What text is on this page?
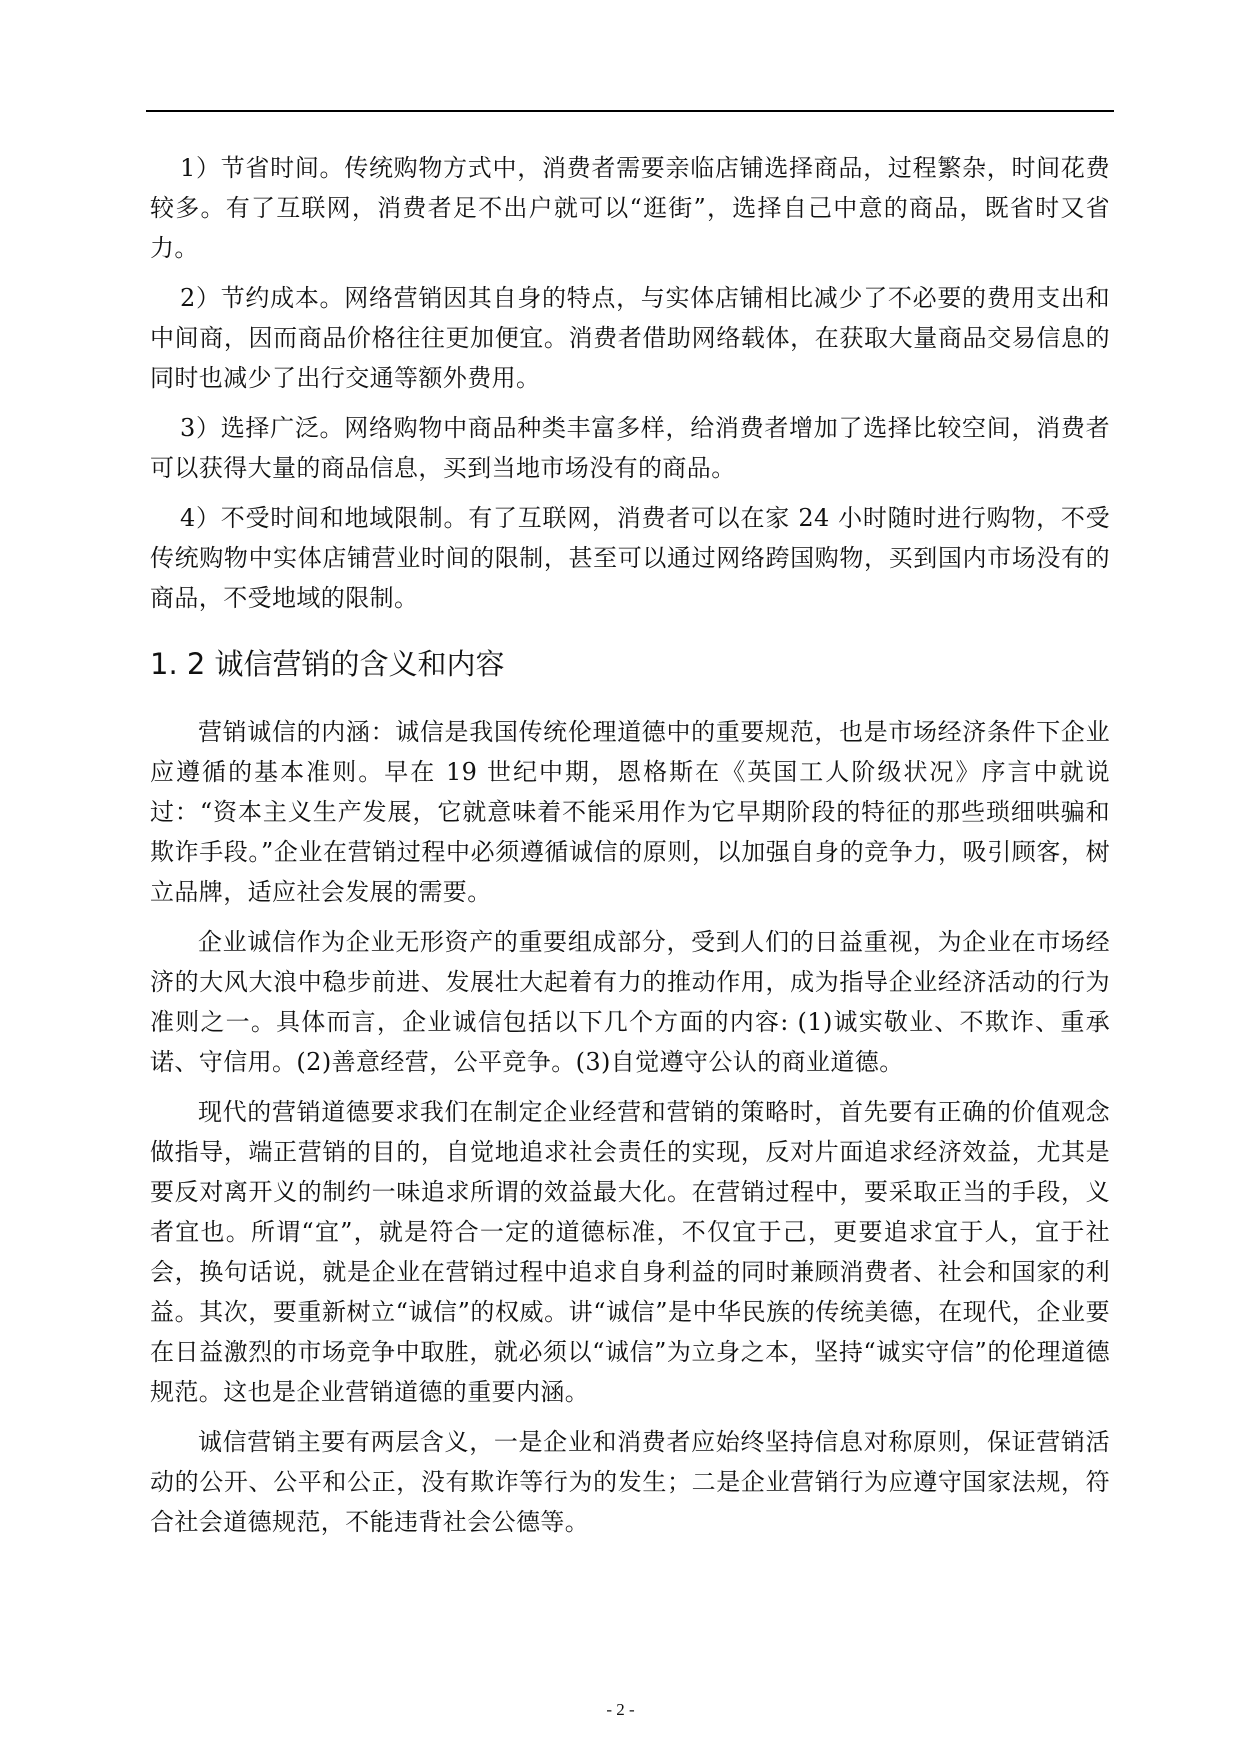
1）节省时间。传统购物方式中，消费者需要亲临店铺选择商品，过程繁杂，时间花费较多。有了互联网，消费者足不出户就可以“逛街”，选择自己中意的商品，既省时又省力。

2）节约成本。网络营销因其自身的特点，与实体店铺相比减少了不必要的费用支出和中间商，因而商品价格往往更加便宜。消费者借助网络载体，在获取大量商品交易信息的同时也减少了出行交通等额外费用。

3）选择广泛。网络购物中商品种类丰富多样，给消费者增加了选择比较空间，消费者可以获得大量的商品信息，买到当地市场没有的商品。

4）不受时间和地域限制。有了互联网，消费者可以在家 24 小时随时进行购物，不受传统购物中实体店铺营业时间的限制，甚至可以通过网络跨国购物，买到国内市场没有的商品，不受地域的限制。

1. 2 诚信营销的含义和内容

营销诚信的内涵：诚信是我国传统伦理道德中的重要规范，也是市场经济条件下企业应遵循的基本准则。早在 19 世纪中期，恩格斯在《英国工人阶级状况》序言中就说过：“资本主义生产发展，它就意味着不能采用作为它早期阶段的特征的那些琐细哄骗和欺诈手段。”企业在营销过程中必须遵循诚信的原则，以加强自身的竞争力，吸引顾客，树立品牌，适应社会发展的需要。

企业诚信作为企业无形资产的重要组成部分，受到人们的日益重视，为企业在市场经济的大风大浪中稳步前进、发展壮大起着有力的推动作用，成为指导企业经济活动的行为准则之一。具体而言，企业诚信包括以下几个方面的内容: (1)诚实敬业、不欺诈、重承诺、守信用。(2)善意经营，公平竞争。(3)自觉遵守公认的商业道德。

现代的营销道德要求我们在制定企业经营和营销的策略时，首先要有正确的价值观念做指导，端正营销的目的，自觉地追求社会责任的实现，反对片面追求经济效益，尤其是要反对离开义的制约一味追求所谓的效益最大化。在营销过程中，要采取正当的手段，义者宜也。所谓“宜”，就是符合一定的道德标准，不仅宜于己，更要追求宜于人，宜于社会，换句话说，就是企业在营销过程中追求自身利益的同时兼顾消费者、社会和国家的利益。其次，要重新树立“诚信”的权威。讲“诚信”是中华民族的传统美德，在现代，企业要在日益激烈的市场竞争中取胜，就必须以“诚信”为立身之本，坚持“诚实守信”的伦理道德规范。这也是企业营销道德的重要内涵。

诚信营销主要有两层含义，一是企业和消费者应始终坚持信息对称原则，保证营销活动的公开、公平和公正，没有欺诈等行为的发生；二是企业营销行为应遵守国家法规，符合社会道德规范，不能违背社会公德等。

- 2 -
